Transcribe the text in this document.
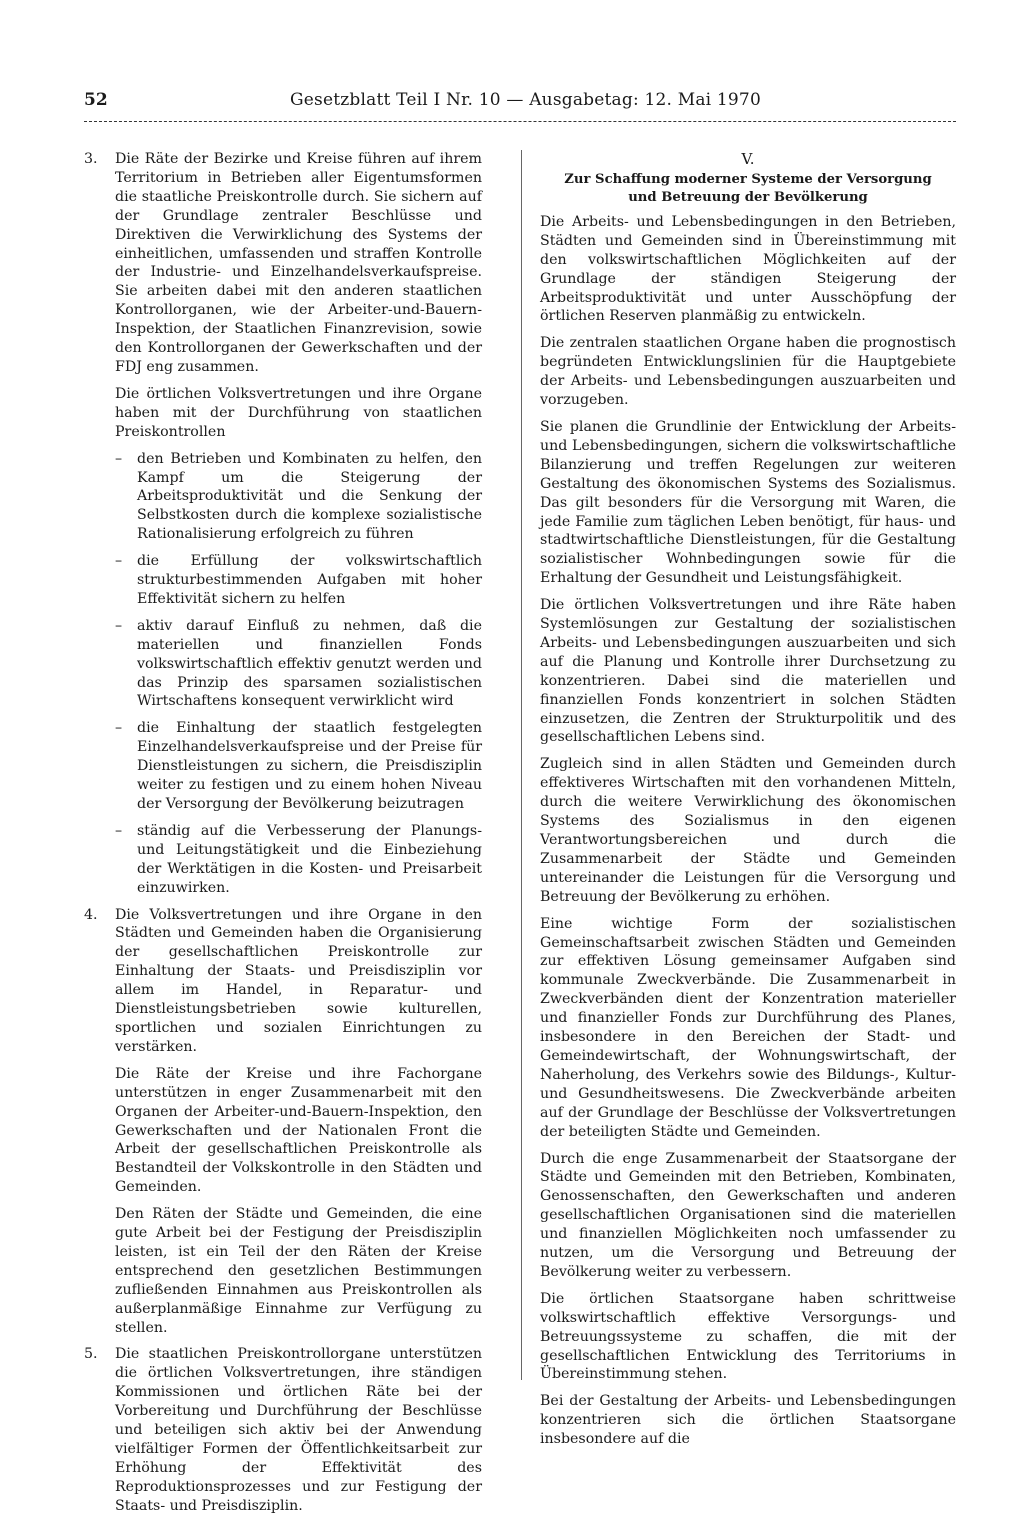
52	Gesetzblatt Teil I Nr. 10 — Ausgabetag: 12. Mai 1970
3. Die Räte der Bezirke und Kreise führen auf ihrem Territorium in Betrieben aller Eigentumsformen die staatliche Preiskontrolle durch. Sie sichern auf der Grundlage zentraler Beschlüsse und Direktiven die Verwirklichung des Systems der einheitlichen, umfassenden und straffen Kontrolle der Industrie- und Einzelhandelsverkaufspreise. Sie arbeiten dabei mit den anderen staatlichen Kontrollorganen, wie der Arbeiter-und-Bauern-Inspektion, der Staatlichen Finanzrevision, sowie den Kontrollorganen der Gewerkschaften und der FDJ eng zusammen.

Die örtlichen Volksvertretungen und ihre Organe haben mit der Durchführung von staatlichen Preiskontrollen

– den Betrieben und Kombinaten zu helfen, den Kampf um die Steigerung der Arbeitsproduktivität und die Senkung der Selbstkosten durch die komplexe sozialistische Rationalisierung erfolgreich zu führen
– die Erfüllung der volkswirtschaftlich strukturbestimmenden Aufgaben mit hoher Effektivität sichern zu helfen
– aktiv darauf Einfluß zu nehmen, daß die materiellen und finanziellen Fonds volkswirtschaftlich effektiv genutzt werden und das Prinzip des sparsamen sozialistischen Wirtschaftens konsequent verwirklicht wird
– die Einhaltung der staatlich festgelegten Einzelhandelsverkaufspreise und der Preise für Dienstleistungen zu sichern, die Preisdisziplin weiter zu festigen und zu einem hohen Niveau der Versorgung der Bevölkerung beizutragen
– ständig auf die Verbesserung der Planungs- und Leitungstätigkeit und die Einbeziehung der Werktätigen in die Kosten- und Preisarbeit einzuwirken.
4. Die Volksvertretungen und ihre Organe in den Städten und Gemeinden haben die Organisierung der gesellschaftlichen Preiskontrolle zur Einhaltung der Staats- und Preisdisziplin vor allem im Handel, in Reparatur- und Dienstleistungsbetrieben sowie kulturellen, sportlichen und sozialen Einrichtungen zu verstärken.

Die Räte der Kreise und ihre Fachorgane unterstützen in enger Zusammenarbeit mit den Organen der Arbeiter-und-Bauern-Inspektion, den Gewerkschaften und der Nationalen Front die Arbeit der gesellschaftlichen Preiskontrolle als Bestandteil der Volkskontrolle in den Städten und Gemeinden.

Den Räten der Städte und Gemeinden, die eine gute Arbeit bei der Festigung der Preisdisziplin leisten, ist ein Teil der den Räten der Kreise entsprechend den gesetzlichen Bestimmungen zufließenden Einnahmen aus Preiskontrollen als außerplanmäßige Einnahme zur Verfügung zu stellen.

5. Die staatlichen Preiskontrollorgane unterstützen die örtlichen Volksvertretungen, ihre ständigen Kommissionen und örtlichen Räte bei der Vorbereitung und Durchführung der Beschlüsse und beteiligen sich aktiv bei der Anwendung vielfältiger Formen der Öffentlichkeitsarbeit zur Erhöhung der Effektivität des Reproduktionsprozesses und zur Festigung der Staats- und Preisdisziplin.

V.
Zur Schaffung moderner Systeme der Versorgung
und Betreuung der Bevölkerung

Die Arbeits- und Lebensbedingungen in den Betrieben, Städten und Gemeinden sind in Übereinstimmung mit den volkswirtschaftlichen Möglichkeiten auf der Grundlage der ständigen Steigerung der Arbeitsproduktivität und unter Ausschöpfung der örtlichen Reserven planmäßig zu entwickeln.

Die zentralen staatlichen Organe haben die prognostisch begründeten Entwicklungslinien für die Hauptgebiete der Arbeits- und Lebensbedingungen auszuarbeiten und vorzugeben.

Sie planen die Grundlinie der Entwicklung der Arbeits- und Lebensbedingungen, sichern die volkswirtschaftliche Bilanzierung und treffen Regelungen zur weiteren Gestaltung des ökonomischen Systems des Sozialismus. Das gilt besonders für die Versorgung mit Waren, die jede Familie zum täglichen Leben benötigt, für haus- und stadtwirtschaftliche Dienstleistungen, für die Gestaltung sozialistischer Wohnbedingungen sowie für die Erhaltung der Gesundheit und Leistungsfähigkeit.

Die örtlichen Volksvertretungen und ihre Räte haben Systemlösungen zur Gestaltung der sozialistischen Arbeits- und Lebensbedingungen auszuarbeiten und sich auf die Planung und Kontrolle ihrer Durchsetzung zu konzentrieren. Dabei sind die materiellen und finanziellen Fonds konzentriert in solchen Städten einzusetzen, die Zentren der Strukturpolitik und des gesellschaftlichen Lebens sind.

Zugleich sind in allen Städten und Gemeinden durch effektiveres Wirtschaften mit den vorhandenen Mitteln, durch die weitere Verwirklichung des ökonomischen Systems des Sozialismus in den eigenen Verantwortungsbereichen und durch die Zusammenarbeit der Städte und Gemeinden untereinander die Leistungen für die Versorgung und Betreuung der Bevölkerung zu erhöhen.

Eine wichtige Form der sozialistischen Gemeinschaftsarbeit zwischen Städten und Gemeinden zur effektiven Lösung gemeinsamer Aufgaben sind kommunale Zweckverbände. Die Zusammenarbeit in Zweckverbänden dient der Konzentration materieller und finanzieller Fonds zur Durchführung des Planes, insbesondere in den Bereichen der Stadt- und Gemeindewirtschaft, der Wohnungswirtschaft, der Naherholung, des Verkehrs sowie des Bildungs-, Kultur- und Gesundheitswesens. Die Zweckverbände arbeiten auf der Grundlage der Beschlüsse der Volksvertretungen der beteiligten Städte und Gemeinden.

Durch die enge Zusammenarbeit der Staatsorgane der Städte und Gemeinden mit den Betrieben, Kombinaten, Genossenschaften, den Gewerkschaften und anderen gesellschaftlichen Organisationen sind die materiellen und finanziellen Möglichkeiten noch umfassender zu nutzen, um die Versorgung und Betreuung der Bevölkerung weiter zu verbessern.

Die örtlichen Staatsorgane haben schrittweise volkswirtschaftlich effektive Versorgungs- und Betreuungssysteme zu schaffen, die mit der gesellschaftlichen Entwicklung des Territoriums in Übereinstimmung stehen.

Bei der Gestaltung der Arbeits- und Lebensbedingungen konzentrieren sich die örtlichen Staatsorgane insbesondere auf die
